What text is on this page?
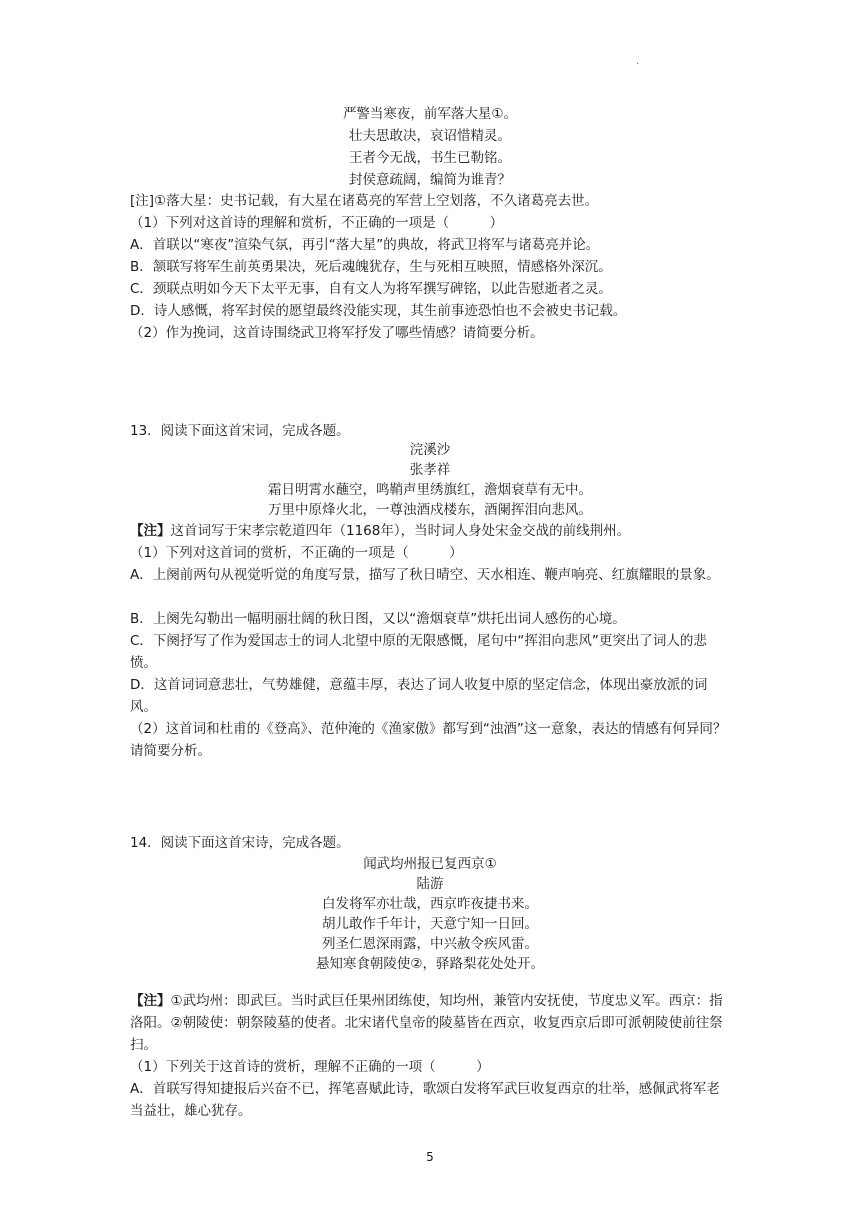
.
严警当寒夜，前军落大星①。
壮夫思敢决，哀诏惜精灵。
王者今无战，书生已勒铭。
封侯意疏阔，编简为谁青？
[注]①落大星：史书记载，有大星在诸葛亮的军营上空划落，不久诸葛亮去世。
（1）下列对这首诗的理解和赏析，不正确的一项是（　　　）
A．首联以“寒夜”渲染气氛，再引“落大星”的典故，将武卫将军与诸葛亮并论。
B．颔联写将军生前英勇果决，死后魂魄犹存，生与死相互映照，情感格外深沉。
C．颈联点明如今天下太平无事，自有文人为将军撰写碑铭，以此告慰逝者之灵。
D．诗人感慨，将军封侯的愿望最终没能实现，其生前事迹恐怕也不会被史书记载。
（2）作为挽词，这首诗围绕武卫将军抒发了哪些情感？请简要分析。
13．阅读下面这首宋词，完成各题。
浣溪沙
张孝祥
霜日明霄水蘸空，鸣鞘声里绣旗红，澹烟衰草有无中。
万里中原烽火北，一尊浊酒戍楼东，酒阑挥泪向悲风。
【注】这首词写于宋孝宗乾道四年（1168年），当时词人身处宋金交战的前线荆州。
（1）下列对这首词的赏析，不正确的一项是（　　　）
A．上阕前两句从视觉听觉的角度写景，描写了秋日晴空、天水相连、鞭声响亮、红旗耀眼的景象。
B．上阕先勾勒出一幅明丽壮阔的秋日图，又以“澹烟衰草”烘托出词人感伤的心境。
C．下阕抒写了作为爱国志士的词人北望中原的无限感慨，尾句中“挥泪向悲风”更突出了词人的悲愤。
D．这首词词意悲壮，气势雄健，意蕴丰厚，表达了词人收复中原的坚定信念，体现出豪放派的词风。
（2）这首词和杜甫的《登高》、范仲淹的《渔家傲》都写到“浊酒”这一意象，表达的情感有何异同？请简要分析。
14．阅读下面这首宋诗，完成各题。
闻武均州报已复西京①
陆游
白发将军亦壮哉，西京昨夜捷书来。
胡儿敢作千年计，天意宁知一日回。
列圣仁恩深雨露，中兴赦令疾风雷。
悬知寒食朝陵使②，驿路梨花处处开。
【注】①武均州：即武巨。当时武巨任果州团练使，知均州，兼管内安抚使，节度忠义军。西京：指洛阳。②朝陵使：朝祭陵墓的使者。北宋诸代皇帝的陵墓皆在西京，收复西京后即可派朝陵使前往祭扫。
（1）下列关于这首诗的赏析，理解不正确的一项（　　　）
A．首联写得知捷报后兴奋不已，挥笔喜赋此诗，歌颂白发将军武巨收复西京的壮举，感佩武将军老当益壮，雄心犹存。
5
